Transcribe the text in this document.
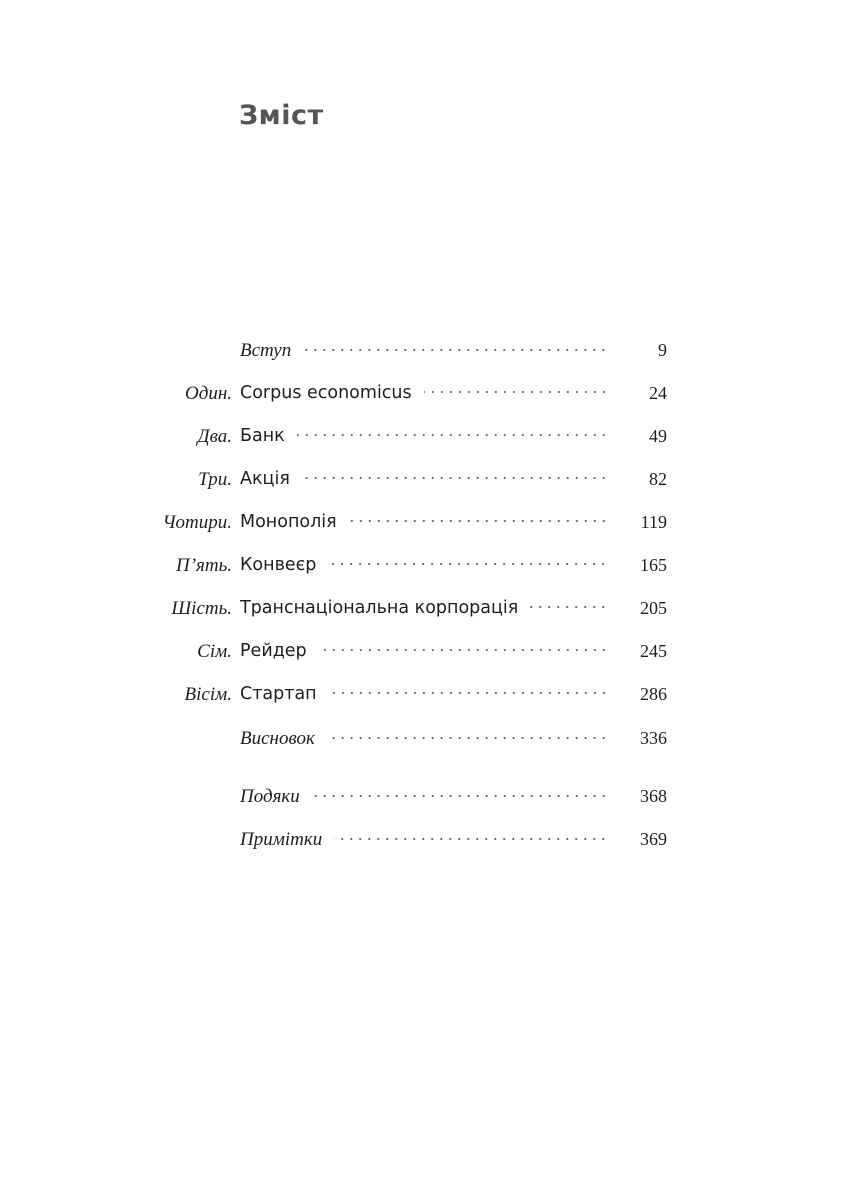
Зміст
Вступ	9
Один. Corpus economicus	24
Два. Банк	49
Три. Акція	82
Чотири. Монополія	119
П’ять. Конвеєр	165
Шість. Транснаціональна корпорація	205
Сім. Рейдер	245
Вісім. Стартап	286
Висновок	336
Подяки	368
Примітки	369
